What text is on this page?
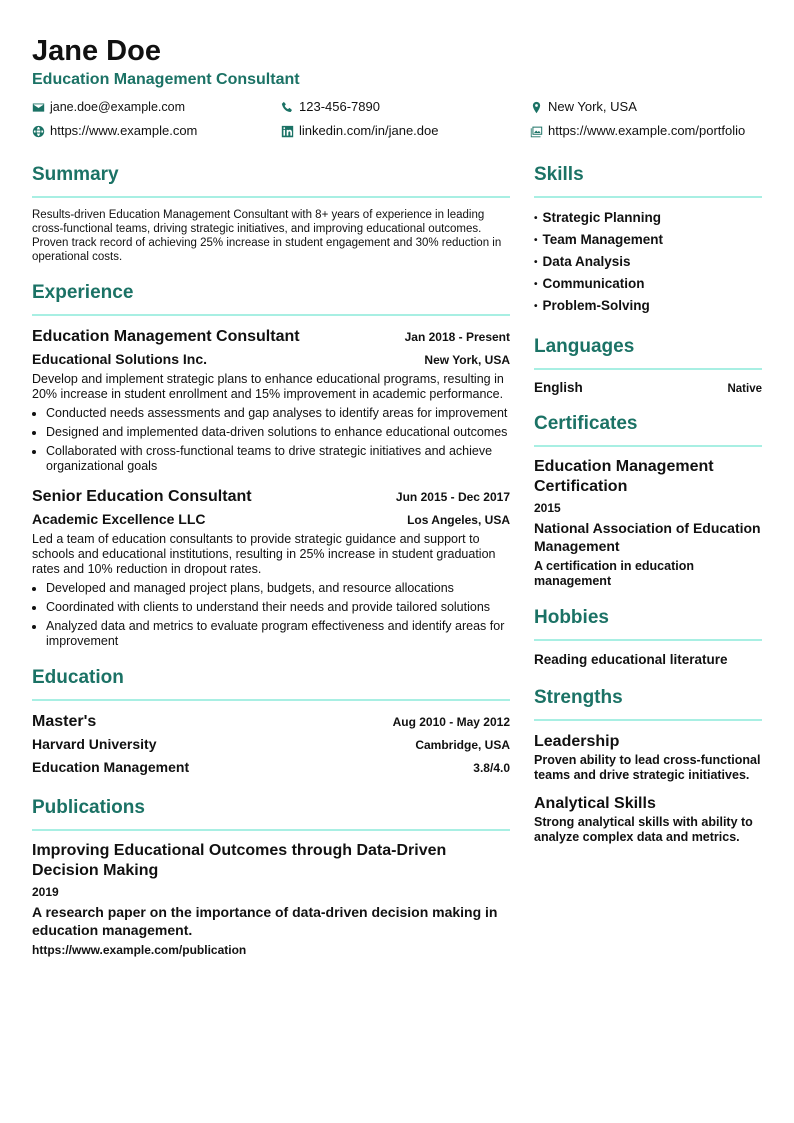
Jane Doe
Education Management Consultant
jane.doe@example.com	123-456-7890	New York, USA
https://www.example.com	linkedin.com/in/jane.doe	https://www.example.com/portfolio
Summary
Results-driven Education Management Consultant with 8+ years of experience in leading cross-functional teams, driving strategic initiatives, and improving educational outcomes. Proven track record of achieving 25% increase in student engagement and 30% reduction in operational costs.
Experience
Education Management Consultant	Jan 2018 - Present
Educational Solutions Inc.	New York, USA
Develop and implement strategic plans to enhance educational programs, resulting in 20% increase in student enrollment and 15% improvement in academic performance.
• Conducted needs assessments and gap analyses to identify areas for improvement
• Designed and implemented data-driven solutions to enhance educational outcomes
• Collaborated with cross-functional teams to drive strategic initiatives and achieve organizational goals
Senior Education Consultant	Jun 2015 - Dec 2017
Academic Excellence LLC	Los Angeles, USA
Led a team of education consultants to provide strategic guidance and support to schools and educational institutions, resulting in 25% increase in student graduation rates and 10% reduction in dropout rates.
• Developed and managed project plans, budgets, and resource allocations
• Coordinated with clients to understand their needs and provide tailored solutions
• Analyzed data and metrics to evaluate program effectiveness and identify areas for improvement
Education
Master's	Aug 2010 - May 2012
Harvard University	Cambridge, USA
Education Management	3.8/4.0
Publications
Improving Educational Outcomes through Data-Driven Decision Making
2019
A research paper on the importance of data-driven decision making in education management.
https://www.example.com/publication
Skills
• Strategic Planning
• Team Management
• Data Analysis
• Communication
• Problem-Solving
Languages
English	Native
Certificates
Education Management Certification
2015
National Association of Education Management
A certification in education management
Hobbies
Reading educational literature
Strengths
Leadership
Proven ability to lead cross-functional teams and drive strategic initiatives.
Analytical Skills
Strong analytical skills with ability to analyze complex data and metrics.
